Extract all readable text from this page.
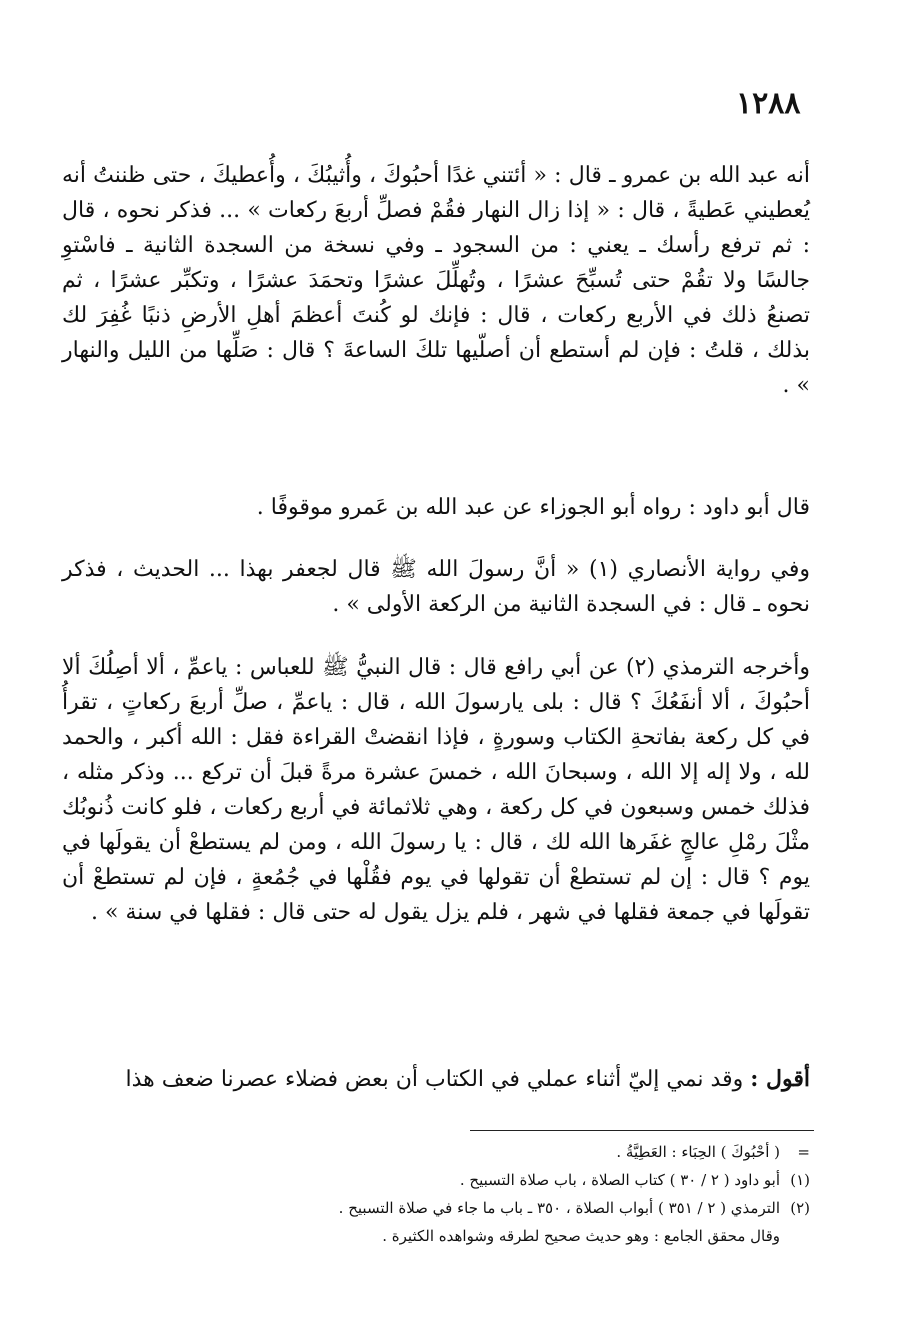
١٢٨٨

أنه عبد الله بن عمرو ـ قال : « أئتني غدًا أحبُوكَ ، وأُثيبُكَ ، وأُعطيكَ ، حتى ظننتُ أنه يُعطيني عَطيةً ، قال : « إذا زال النهار فقُمْ فصلِّ أربعَ ركعات » ... فذكر نحوه ، قال : ثم ترفع رأسك ـ يعني : من السجود ـ وفي نسخة من السجدة الثانية ـ فاسْتوِ جالسًا ولا تقُمْ حتى تُسبِّحَ عشرًا ، وتُهلِّلَ عشرًا وتحمَدَ عشرًا ، وتكبِّر عشرًا ، ثم تصنعُ ذلك في الأربع ركعات ، قال : فإنك لو كُنتَ أعظمَ أهلِ الأرضِ ذنبًا غُفِرَ لك بذلك ، قلتُ : فإن لم أستطع أن أصلّيها تلكَ الساعةَ ؟ قال : صَلِّها من الليل والنهار » .

قال أبو داود : رواه أبو الجوزاء عن عبد الله بن عَمرو موقوفًا .

وفي رواية الأنصاري (١) « أنَّ رسولَ الله ﷺ قال لجعفر بهذا ... الحديث ، فذكر نحوه ـ قال : في السجدة الثانية من الركعة الأولى » .

وأخرجه الترمذي (٢) عن أبي رافع قال : قال النبيُّ ﷺ للعباس : ياعمِّ ، ألا أصِلُكَ ألا أحبُوكَ ، ألا أنفَعُكَ ؟ قال : بلى يارسولَ الله ، قال : ياعمِّ ، صلِّ أربعَ ركعاتٍ ، تقرأُ في كل ركعة بفاتحةِ الكتاب وسورةٍ ، فإذا انقضتْ القراءة فقل : الله أكبر ، والحمد لله ، ولا إله إلا الله ، وسبحانَ الله ، خمسَ عشرة مرةً قبلَ أن تركع ... وذكر مثله ، فذلك خمس وسبعون في كل ركعة ، وهي ثلاثمائة في أربع ركعات ، فلو كانت ذُنوبُك مثْلَ رمْلِ عالجٍ غفَرها الله لك ، قال : يا رسولَ الله ، ومن لم يستطعْ أن يقولَها في يوم ؟ قال : إن لم تستطعْ أن تقولها في يوم فقُلْها في جُمُعةٍ ، فإن لم تستطعْ أن تقولَها في جمعة فقلها في شهر ، فلم يزل يقول له حتى قال : فقلها في سنة » .

أقول : وقد نمي إليّ أثناء عملي في الكتاب أن بعض فضلاء عصرنا ضعف هذا

=
( أحْبُوكَ ) الحِبَاء : العَطِيَّةُ .
(١)
أبو داود ( ٢ / ٣٠ ) كتاب الصلاة ، باب صلاة التسبيح .
(٢)
الترمذي ( ٢ / ٣٥١ ) أبواب الصلاة ، ٣٥٠ ـ باب ما جاء في صلاة التسبيح .
وقال محقق الجامع : وهو حديث صحيح لطرقه وشواهده الكثيرة .
